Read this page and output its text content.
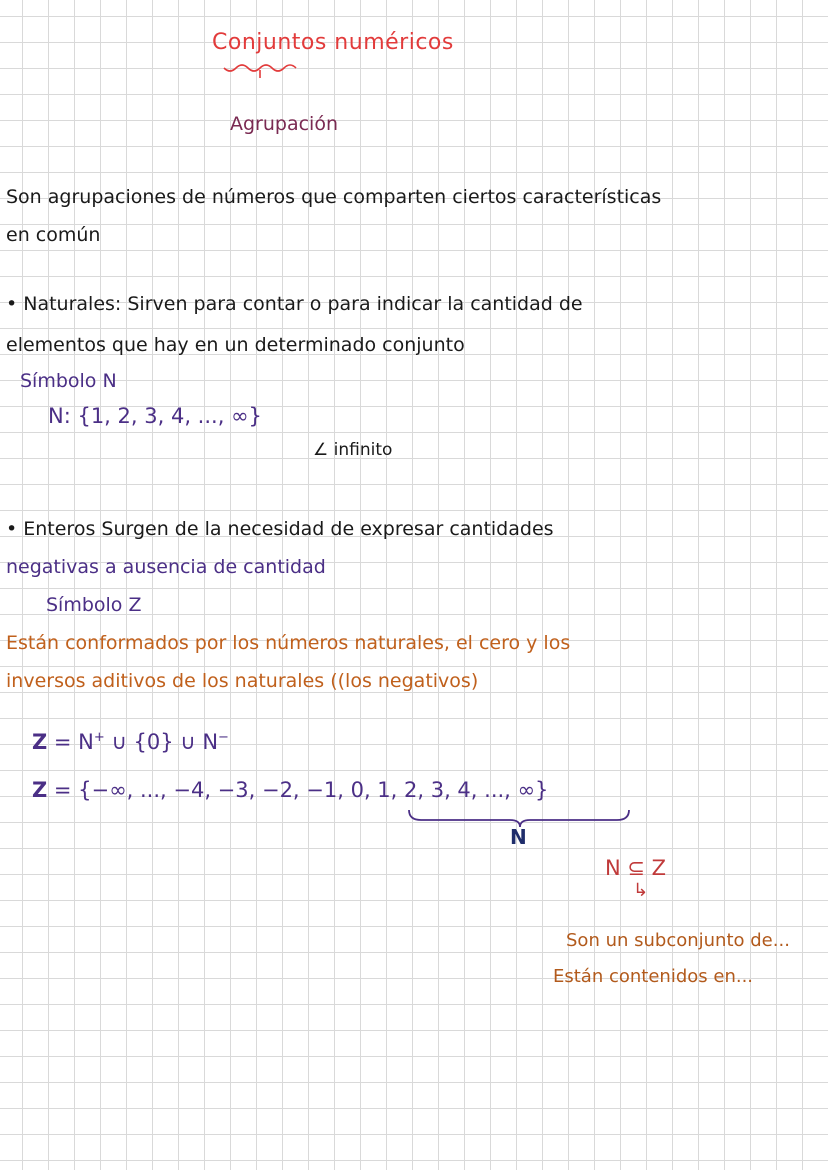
Conjuntos numéricos
Agrupación
Son agrupaciones de números que comparten ciertos características
en común
• Naturales: Sirven para contar o para indicar la cantidad de
elementos que hay en un determinado conjunto
Símbolo N
N: {1, 2, 3, 4, ..., ∞}
∠ infinito
• Enteros Surgen de la necesidad de expresar cantidades
negativas a ausencia de cantidad
Símbolo Z
Están conformados por los números naturales, el cero y los
inversos aditivos de los naturales ((los negativos)
Z = N+ ∪ {0} ∪ N−
Z = {−∞, ..., −4, −3, −2, −1, 0, 1, 2, 3, 4, ..., ∞}
N
N ⊆ Z
↳
Son un subconjunto de...
Están contenidos en...
